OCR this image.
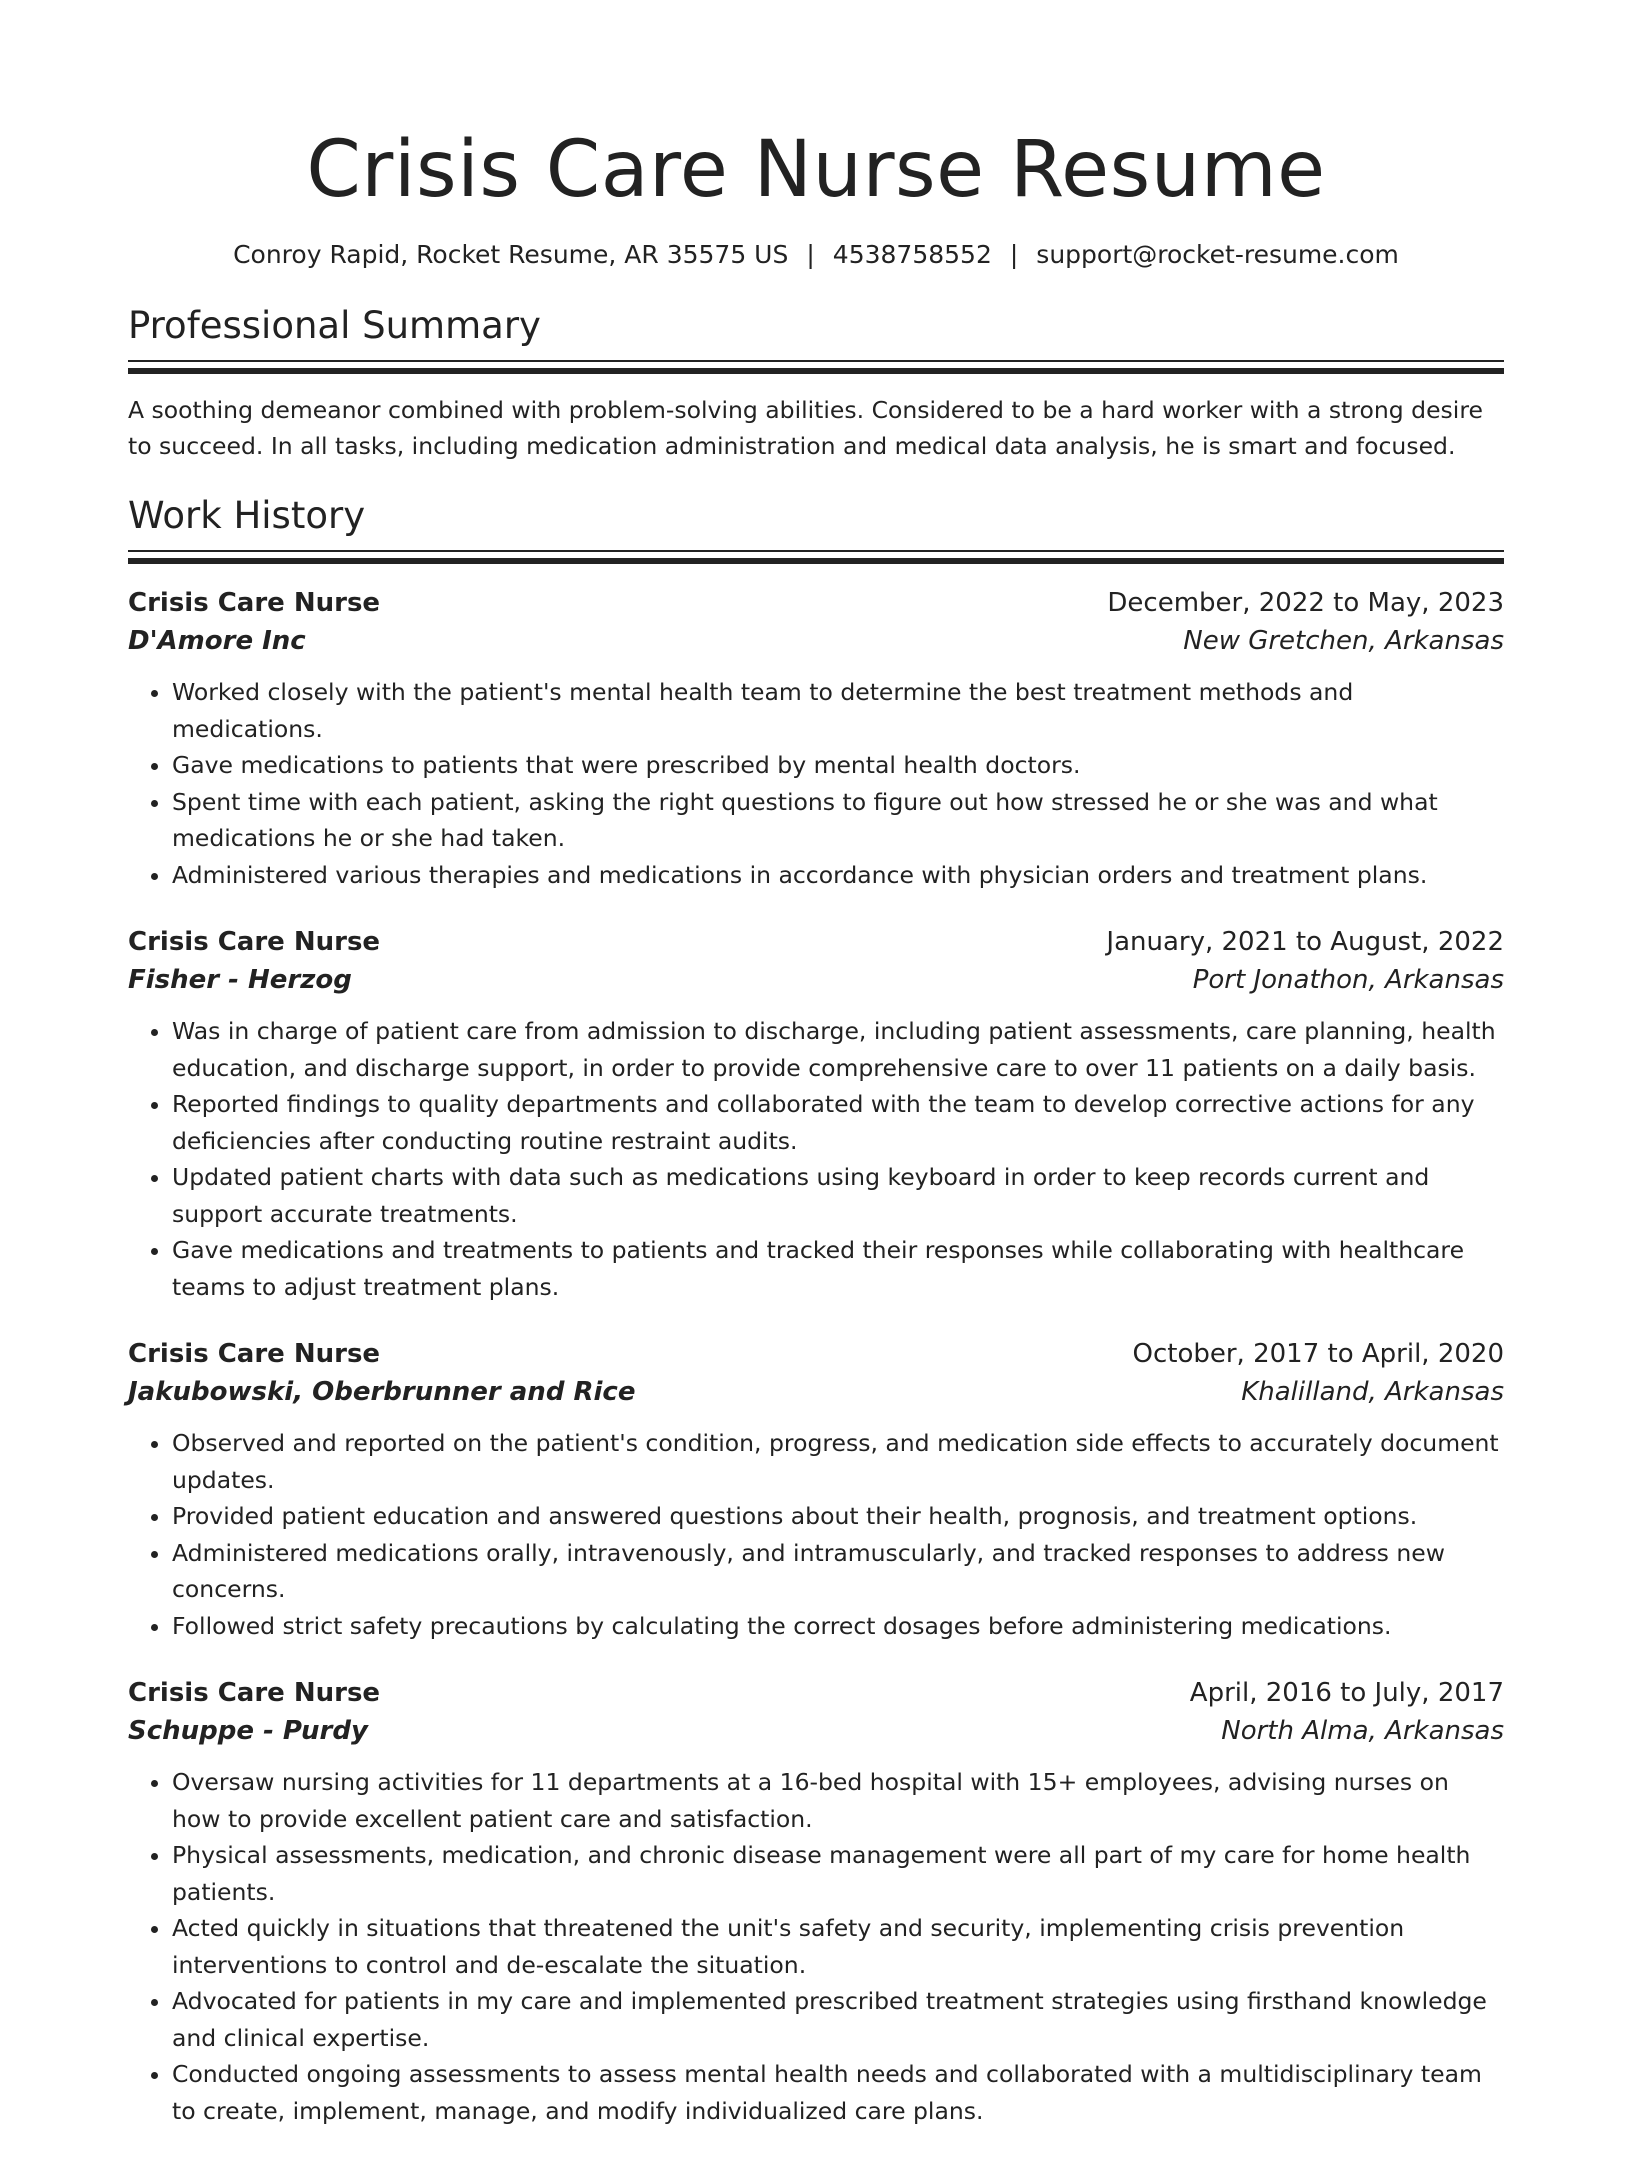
Crisis Care Nurse Resume
Conroy Rapid, Rocket Resume, AR 35575 US | 4538758552 | support@rocket-resume.com
Professional Summary

A soothing demeanor combined with problem-solving abilities. Considered to be a hard worker with a strong desire to succeed. In all tasks, including medication administration and medical data analysis, he is smart and focused.

Work History
Crisis Care Nurse	December, 2022 to May, 2023
D'Amore Inc	New Gretchen, Arkansas
• Worked closely with the patient's mental health team to determine the best treatment methods and medications.
• Gave medications to patients that were prescribed by mental health doctors.
• Spent time with each patient, asking the right questions to figure out how stressed he or she was and what medications he or she had taken.
• Administered various therapies and medications in accordance with physician orders and treatment plans.
Crisis Care Nurse	January, 2021 to August, 2022
Fisher - Herzog	Port Jonathon, Arkansas
• Was in charge of patient care from admission to discharge, including patient assessments, care planning, health education, and discharge support, in order to provide comprehensive care to over 11 patients on a daily basis.
• Reported findings to quality departments and collaborated with the team to develop corrective actions for any deficiencies after conducting routine restraint audits.
• Updated patient charts with data such as medications using keyboard in order to keep records current and support accurate treatments.
• Gave medications and treatments to patients and tracked their responses while collaborating with healthcare teams to adjust treatment plans.
Crisis Care Nurse	October, 2017 to April, 2020
Jakubowski, Oberbrunner and Rice	Khalilland, Arkansas
• Observed and reported on the patient's condition, progress, and medication side effects to accurately document updates.
• Provided patient education and answered questions about their health, prognosis, and treatment options.
• Administered medications orally, intravenously, and intramuscularly, and tracked responses to address new concerns.
• Followed strict safety precautions by calculating the correct dosages before administering medications.
Crisis Care Nurse	April, 2016 to July, 2017
Schuppe - Purdy	North Alma, Arkansas
• Oversaw nursing activities for 11 departments at a 16-bed hospital with 15+ employees, advising nurses on how to provide excellent patient care and satisfaction.
• Physical assessments, medication, and chronic disease management were all part of my care for home health patients.
• Acted quickly in situations that threatened the unit's safety and security, implementing crisis prevention interventions to control and de-escalate the situation.
• Advocated for patients in my care and implemented prescribed treatment strategies using firsthand knowledge and clinical expertise.
• Conducted ongoing assessments to assess mental health needs and collaborated with a multidisciplinary team to create, implement, manage, and modify individualized care plans.
